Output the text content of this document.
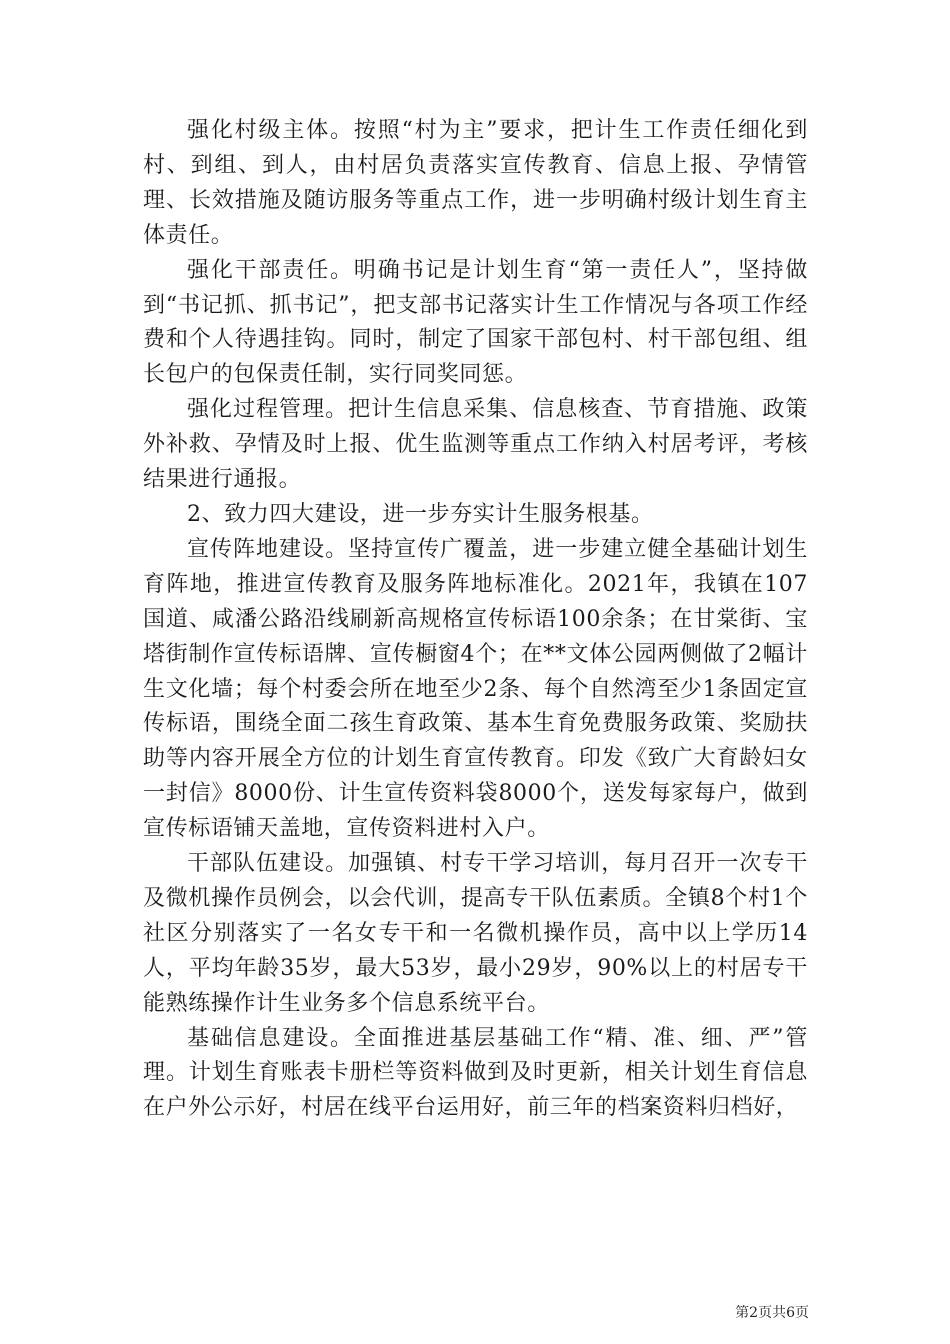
强化村级主体。按照“村为主”要求，把计生工作责任细化到村、到组、到人，由村居负责落实宣传教育、信息上报、孕情管理、长效措施及随访服务等重点工作，进一步明确村级计划生育主体责任。

强化干部责任。明确书记是计划生育“第一责任人”，坚持做到“书记抓、抓书记”，把支部书记落实计生工作情况与各项工作经费和个人待遇挂钩。同时，制定了国家干部包村、村干部包组、组长包户的包保责任制，实行同奖同惩。

强化过程管理。把计生信息采集、信息核查、节育措施、政策外补救、孕情及时上报、优生监测等重点工作纳入村居考评，考核结果进行通报。

2、致力四大建设，进一步夯实计生服务根基。

宣传阵地建设。坚持宣传广覆盖，进一步建立健全基础计划生育阵地，推进宣传教育及服务阵地标准化。2021年，我镇在107国道、咸潘公路沿线刷新高规格宣传标语100余条；在甘棠街、宝塔街制作宣传标语牌、宣传橱窗4个；在**文体公园两侧做了2幅计生文化墙；每个村委会所在地至少2条、每个自然湾至少1条固定宣传标语，围绕全面二孩生育政策、基本生育免费服务政策、奖励扶助等内容开展全方位的计划生育宣传教育。印发《致广大育龄妇女一封信》8000份、计生宣传资料袋8000个，送发每家每户，做到宣传标语铺天盖地，宣传资料进村入户。

干部队伍建设。加强镇、村专干学习培训，每月召开一次专干及微机操作员例会，以会代训，提高专干队伍素质。全镇8个村1个社区分别落实了一名女专干和一名微机操作员，高中以上学历14人，平均年龄35岁，最大53岁，最小29岁，90%以上的村居专干能熟练操作计生业务多个信息系统平台。

基础信息建设。全面推进基层基础工作“精、准、细、严”管理。计划生育账表卡册栏等资料做到及时更新，相关计划生育信息在户外公示好，村居在线平台运用好，前三年的档案资料归档好，

第2页共6页
